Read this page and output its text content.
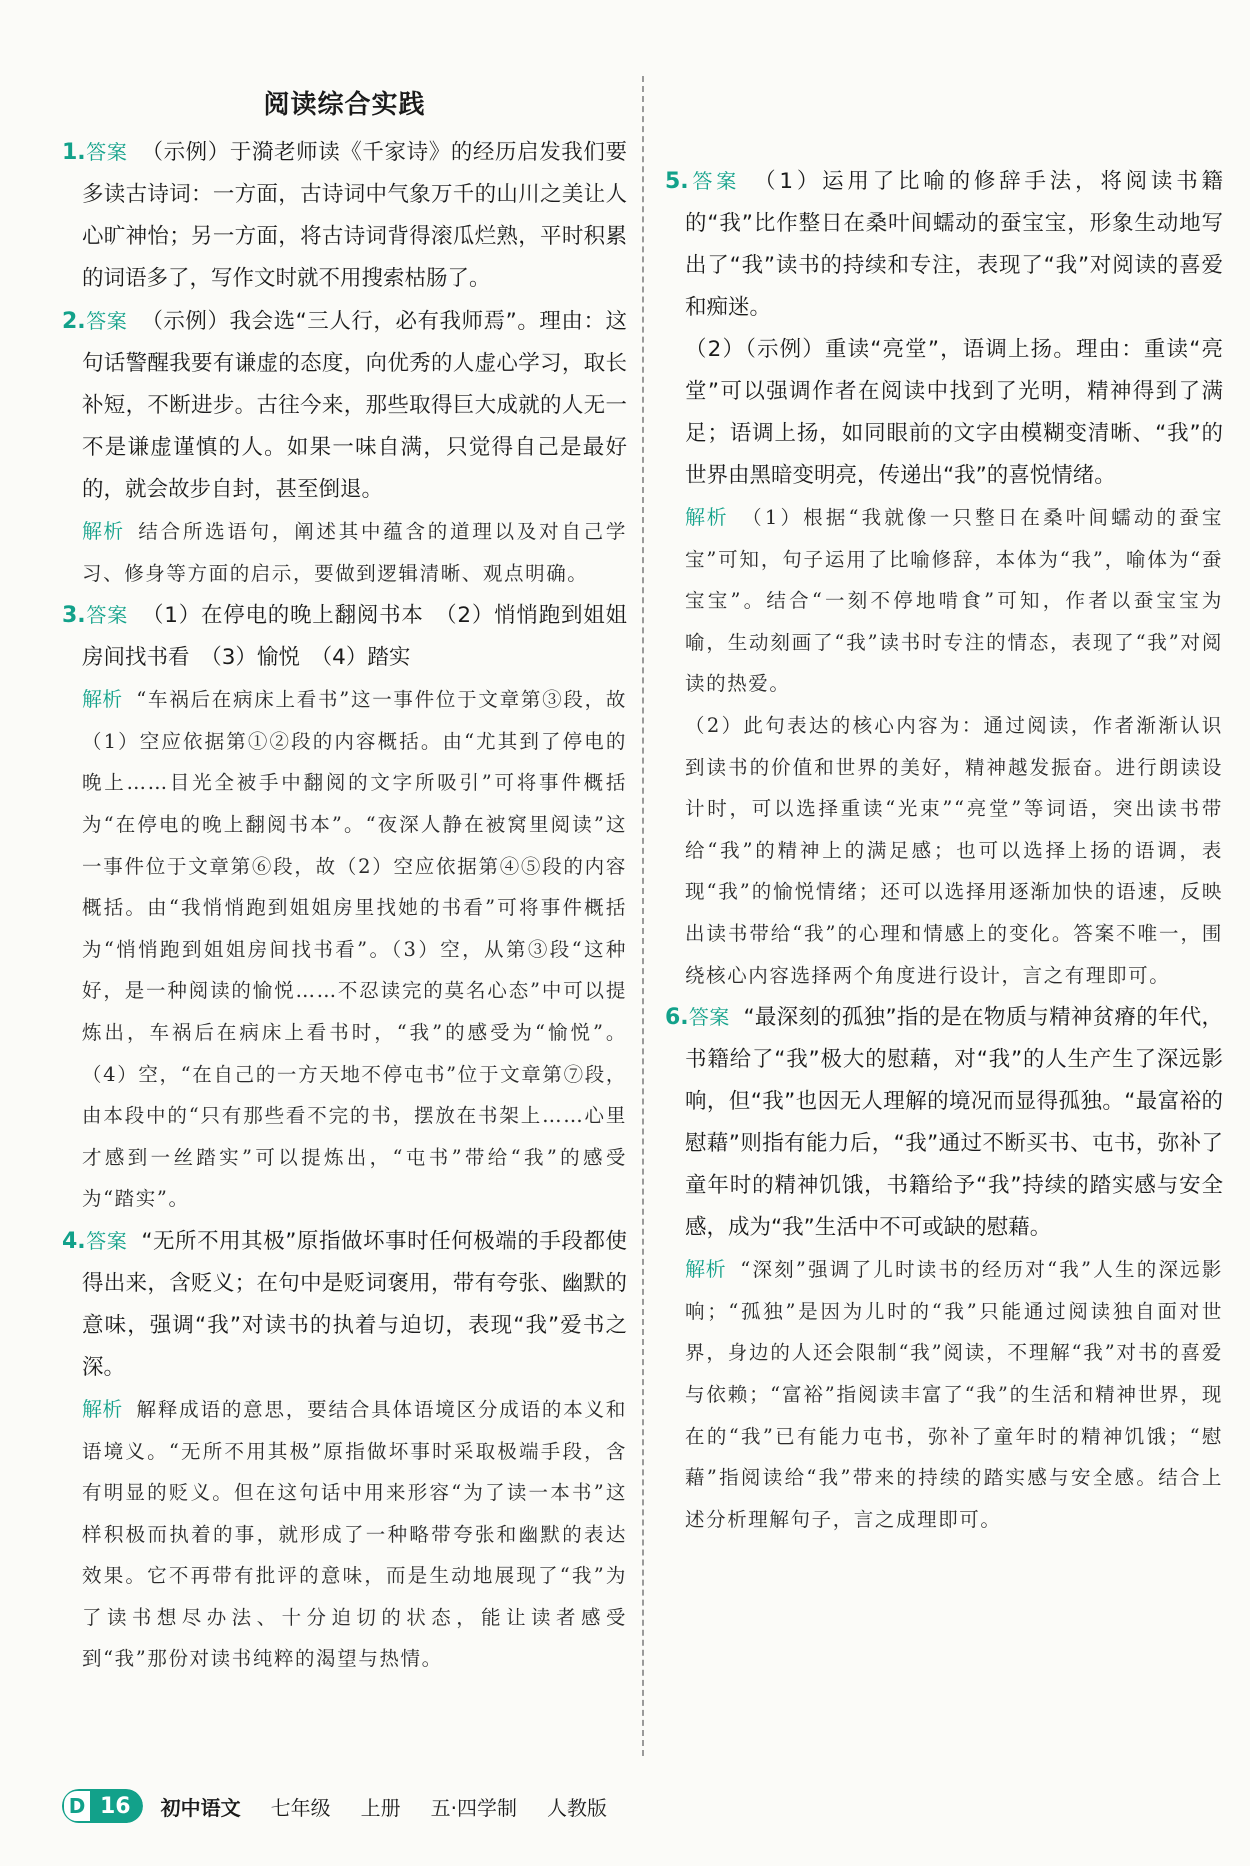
阅读综合实践
1.答案 （示例）于漪老师读《千家诗》的经历启发我们要多读古诗词：一方面，古诗词中气象万千的山川之美让人心旷神怡；另一方面，将古诗词背得滚瓜烂熟，平时积累的词语多了，写作文时就不用搜索枯肠了。
2.答案 （示例）我会选“三人行，必有我师焉”。理由：这句话警醒我要有谦虚的态度，向优秀的人虚心学习，取长补短，不断进步。古往今来，那些取得巨大成就的人无一不是谦虚谨慎的人。如果一味自满，只觉得自己是最好的，就会故步自封，甚至倒退。
解析 结合所选语句，阐述其中蕴含的道理以及对自己学习、修身等方面的启示，要做到逻辑清晰、观点明确。
3.答案 （1）在停电的晚上翻阅书本　（2）悄悄跑到姐姐房间找书看　（3）愉悦　（4）踏实
解析 “车祸后在病床上看书”这一事件位于文章第③段，故（1）空应依据第①②段的内容概括。由“尤其到了停电的晚上……目光全被手中翻阅的文字所吸引”可将事件概括为“在停电的晚上翻阅书本”。“夜深人静在被窝里阅读”这一事件位于文章第⑥段，故（2）空应依据第④⑤段的内容概括。由“我悄悄跑到姐姐房里找她的书看”可将事件概括为“悄悄跑到姐姐房间找书看”。（3）空，从第③段“这种好，是一种阅读的愉悦……不忍读完的莫名心态”中可以提炼出，车祸后在病床上看书时，“我”的感受为“愉悦”。（4）空，“在自己的一方天地不停屯书”位于文章第⑦段，由本段中的“只有那些看不完的书，摆放在书架上……心里才感到一丝踏实”可以提炼出，“屯书”带给“我”的感受为“踏实”。
4.答案 “无所不用其极”原指做坏事时任何极端的手段都使得出来，含贬义；在句中是贬词褒用，带有夸张、幽默的意味，强调“我”对读书的执着与迫切，表现“我”爱书之深。
解析 解释成语的意思，要结合具体语境区分成语的本义和语境义。“无所不用其极”原指做坏事时采取极端手段，含有明显的贬义。但在这句话中用来形容“为了读一本书”这样积极而执着的事，就形成了一种略带夸张和幽默的表达效果。它不再带有批评的意味，而是生动地展现了“我”为了读书想尽办法、十分迫切的状态，能让读者感受到“我”那份对读书纯粹的渴望与热情。
5.答案 （1）运用了比喻的修辞手法，将阅读书籍的“我”比作整日在桑叶间蠕动的蚕宝宝，形象生动地写出了“我”读书的持续和专注，表现了“我”对阅读的喜爱和痴迷。
（2）（示例）重读“亮堂”，语调上扬。理由：重读“亮堂”可以强调作者在阅读中找到了光明，精神得到了满足；语调上扬，如同眼前的文字由模糊变清晰、“我”的世界由黑暗变明亮，传递出“我”的喜悦情绪。
解析 （1）根据“我就像一只整日在桑叶间蠕动的蚕宝宝”可知，句子运用了比喻修辞，本体为“我”，喻体为“蚕宝宝”。结合“一刻不停地啃食”可知，作者以蚕宝宝为喻，生动刻画了“我”读书时专注的情态，表现了“我”对阅读的热爱。
（2）此句表达的核心内容为：通过阅读，作者渐渐认识到读书的价值和世界的美好，精神越发振奋。进行朗读设计时，可以选择重读“光束”“亮堂”等词语，突出读书带给“我”的精神上的满足感；也可以选择上扬的语调，表现“我”的愉悦情绪；还可以选择用逐渐加快的语速，反映出读书带给“我”的心理和情感上的变化。答案不唯一，围绕核心内容选择两个角度进行设计，言之有理即可。
6.答案 “最深刻的孤独”指的是在物质与精神贫瘠的年代，书籍给了“我”极大的慰藉，对“我”的人生产生了深远影响，但“我”也因无人理解的境况而显得孤独。“最富裕的慰藉”则指有能力后，“我”通过不断买书、屯书，弥补了童年时的精神饥饿，书籍给予“我”持续的踏实感与安全感，成为“我”生活中不可或缺的慰藉。
解析 “深刻”强调了儿时读书的经历对“我”人生的深远影响；“孤独”是因为儿时的“我”只能通过阅读独自面对世界，身边的人还会限制“我”阅读，不理解“我”对书的喜爱与依赖；“富裕”指阅读丰富了“我”的生活和精神世界，现在的“我”已有能力屯书，弥补了童年时的精神饥饿；“慰藉”指阅读给“我”带来的持续的踏实感与安全感。结合上述分析理解句子，言之成理即可。
D 16	初中语文 七年级 上册 五·四学制 人教版
